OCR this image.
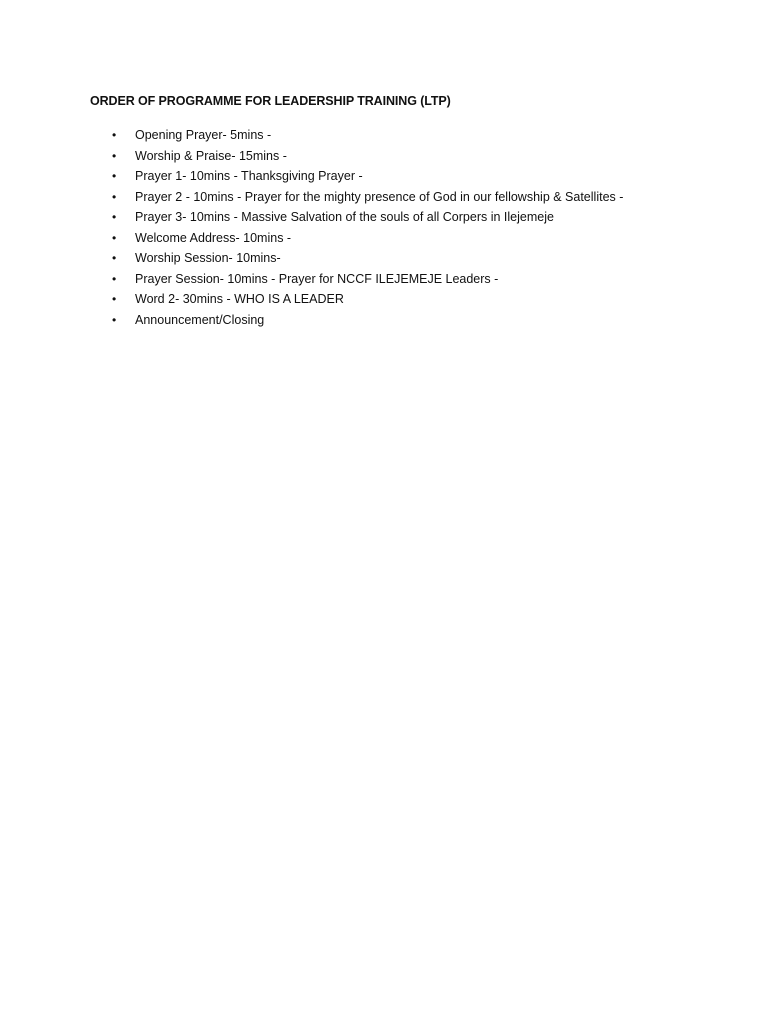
ORDER OF PROGRAMME FOR LEADERSHIP TRAINING (LTP)
• Opening Prayer- 5mins -
• Worship & Praise- 15mins -
• Prayer 1- 10mins - Thanksgiving Prayer -
• Prayer 2 - 10mins - Prayer for the mighty presence of God in our fellowship & Satellites -
• Prayer 3- 10mins - Massive Salvation of the souls of all Corpers in Ilejemeje
• Welcome Address- 10mins -
• Worship Session- 10mins-
• Prayer Session- 10mins - Prayer for NCCF ILEJEMEJE Leaders -
• Word 2- 30mins - WHO IS A LEADER
• Announcement/Closing
